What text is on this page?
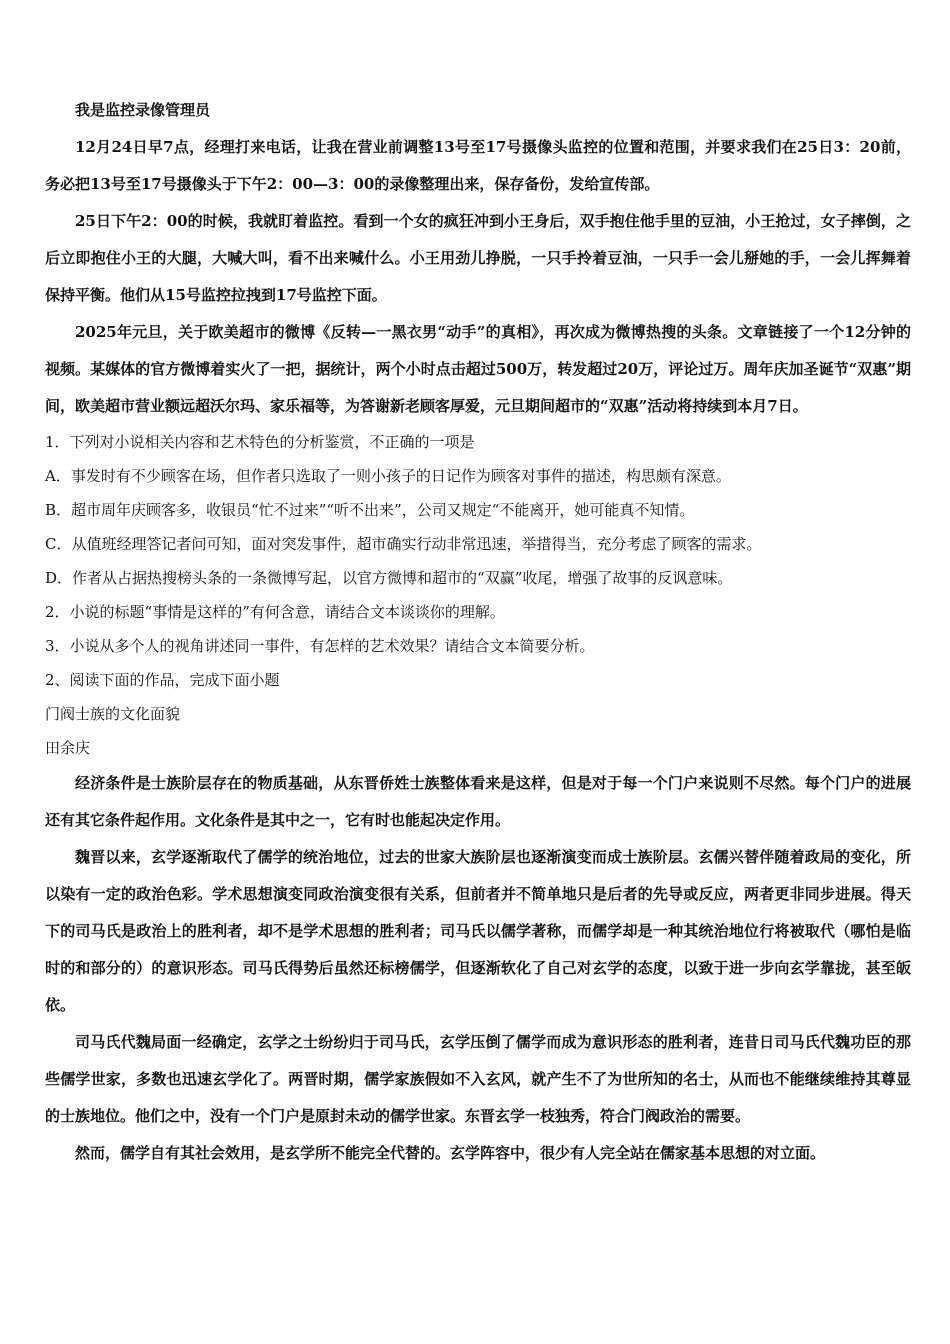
我是监控录像管理员

12月24日早7点，经理打来电话，让我在营业前调整13号至17号摄像头监控的位置和范围，并要求我们在25日3：20前，务必把13号至17号摄像头于下午2：00—3：00的录像整理出来，保存备份，发给宣传部。

25日下午2：00的时候，我就盯着监控。看到一个女的疯狂冲到小王身后，双手抱住他手里的豆油，小王抢过，女子摔倒，之后立即抱住小王的大腿，大喊大叫，看不出来喊什么。小王用劲儿挣脱，一只手拎着豆油，一只手一会儿掰她的手，一会儿挥舞着保持平衡。他们从15号监控拉拽到17号监控下面。

2025年元旦，关于欧美超市的微博《反转—一黑衣男“动手”的真相》，再次成为微博热搜的头条。文章链接了一个12分钟的视频。某媒体的官方微博着实火了一把，据统计，两个小时点击超过500万，转发超过20万，评论过万。周年庆加圣诞节“双惠”期间，欧美超市营业额远超沃尔玛、家乐福等，为答谢新老顾客厚爱，元旦期间超市的“双惠”活动将持续到本月7日。

1．下列对小说相关内容和艺术特色的分析鉴赏，不正确的一项是

A．事发时有不少顾客在场，但作者只选取了一则小孩子的日记作为顾客对事件的描述，构思颇有深意。

B．超市周年庆顾客多，收银员“忙不过来”“听不出来”，公司又规定“不能离开，她可能真不知情。

C．从值班经理答记者问可知，面对突发事件，超市确实行动非常迅速，举措得当，充分考虑了顾客的需求。

D．作者从占据热搜榜头条的一条微博写起，以官方微博和超市的“双赢”收尾，增强了故事的反讽意味。

2．小说的标题“事情是这样的”有何含意，请结合文本谈谈你的理解。

3．小说从多个人的视角讲述同一事件，有怎样的艺术效果？请结合文本简要分析。

2、阅读下面的作品，完成下面小题

门阀士族的文化面貌

田余庆

经济条件是士族阶层存在的物质基础，从东晋侨姓士族整体看来是这样，但是对于每一个门户来说则不尽然。每个门户的进展还有其它条件起作用。文化条件是其中之一，它有时也能起决定作用。

魏晋以来，玄学逐渐取代了儒学的统治地位，过去的世家大族阶层也逐渐演变而成士族阶层。玄儒兴替伴随着政局的变化，所以染有一定的政治色彩。学术思想演变同政治演变很有关系，但前者并不简单地只是后者的先导或反应，两者更非同步进展。得天下的司马氏是政治上的胜利者，却不是学术思想的胜利者；司马氏以儒学著称，而儒学却是一种其统治地位行将被取代（哪怕是临时的和部分的）的意识形态。司马氏得势后虽然还标榜儒学，但逐渐软化了自己对玄学的态度，以致于进一步向玄学靠拢，甚至皈依。

司马氏代魏局面一经确定，玄学之士纷纷归于司马氏，玄学压倒了儒学而成为意识形态的胜利者，连昔日司马氏代魏功臣的那些儒学世家，多数也迅速玄学化了。两晋时期，儒学家族假如不入玄风，就产生不了为世所知的名士，从而也不能继续维持其尊显的士族地位。他们之中，没有一个门户是原封未动的儒学世家。东晋玄学一枝独秀，符合门阀政治的需要。

然而，儒学自有其社会效用，是玄学所不能完全代替的。玄学阵容中，很少有人完全站在儒家基本思想的对立面。
